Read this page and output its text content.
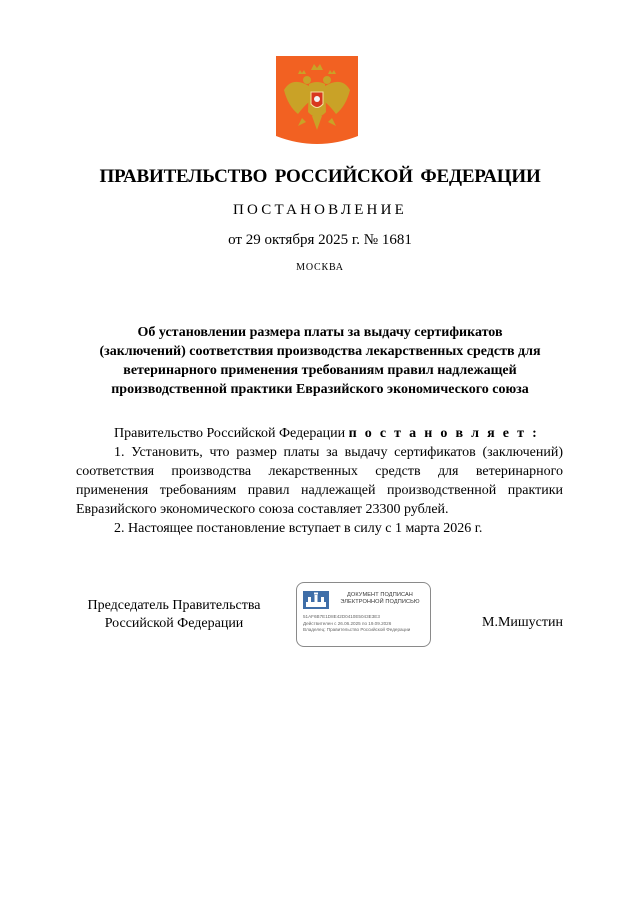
ПРАВИТЕЛЬСТВО РОССИЙСКОЙ ФЕДЕРАЦИИ
ПОСТАНОВЛЕНИЕ
от 29 октября 2025 г. № 1681
МОСКВА
Об установлении размера платы за выдачу сертификатов
(заключений) соответствия производства лекарственных средств для
ветеринарного применения требованиям правил надлежащей
производственной практики Евразийского экономического союза

Правительство Российской Федерации п о с т а н о в л я е т :

1. Установить, что размер платы за выдачу сертификатов (заключений) соответствия производства лекарственных средств для ветеринарного применения требованиям правил надлежащей производственной практики Евразийского экономического союза составляет 23300 рублей.

2. Настоящее постановление вступает в силу с 1 марта 2026 г.

Председатель Правительства
Российской Федерации
ДОКУМЕНТ ПОДПИСАН
ЭЛЕКТРОННОЙ ПОДПИСЬЮ
51AF6B7E1D8E42D0410E5043E3E3
Действителен с 26.06.2025 по 19.09.2026
Владелец: Правительство Российской Федерации	М.Мишустин
